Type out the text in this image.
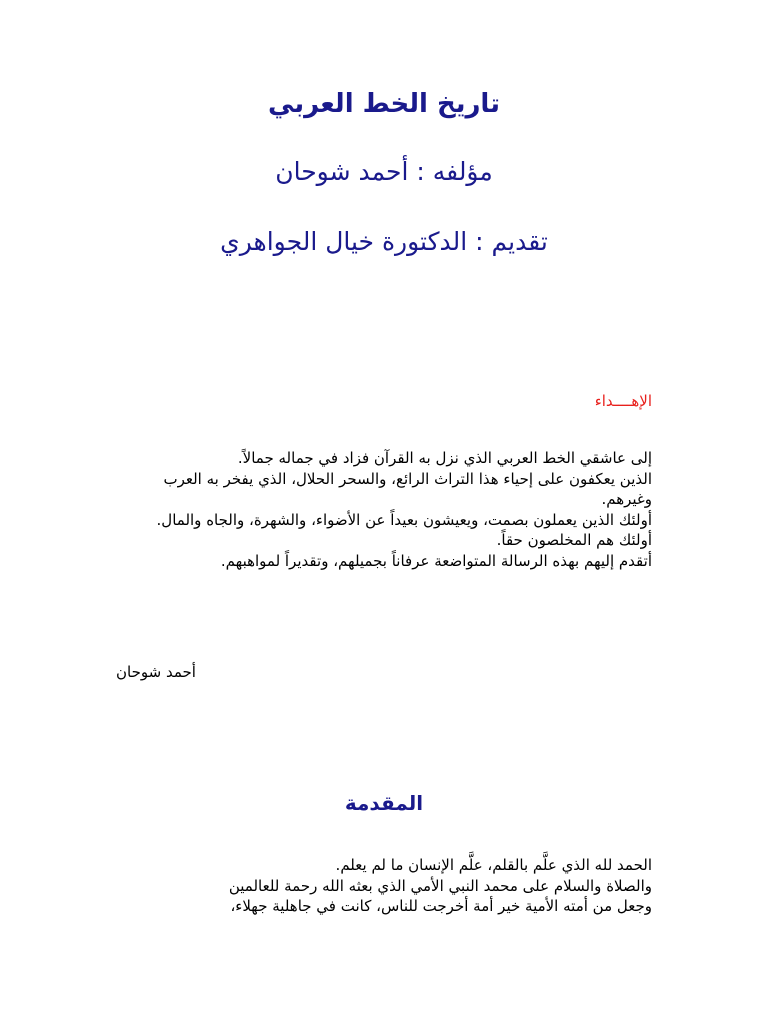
تاريخ الخط العربي
مؤلفه : أحمد شوحان
تقديم : الدكتورة خيال الجواهري
الإهــــداء

إلى عاشقي الخط العربي الذي نزل به القرآن فزاد في جماله جمالاً.

الذين يعكفون على إحياء هذا التراث الرائع، والسحر الحلال، الذي يفخر به العرب وغيرهم.

أولئك الذين يعملون بصمت، ويعيشون بعيداً عن الأضواء، والشهرة، والجاه والمال.

أولئك هم المخلصون حقاً.

أتقدم إليهم بهذه الرسالة المتواضعة عرفاناً بجميلهم، وتقديراً لمواهبهم.

أحمد شوحان
المقدمة

الحمد لله الذي علَّم بالقلم، علَّم الإنسان ما لم يعلم.

والصلاة والسلام على محمد النبي الأمي الذي بعثه الله رحمة للعالمين

وجعل من أمته الأمية خير أمة أخرجت للناس، كانت في جاهلية جهلاء،
